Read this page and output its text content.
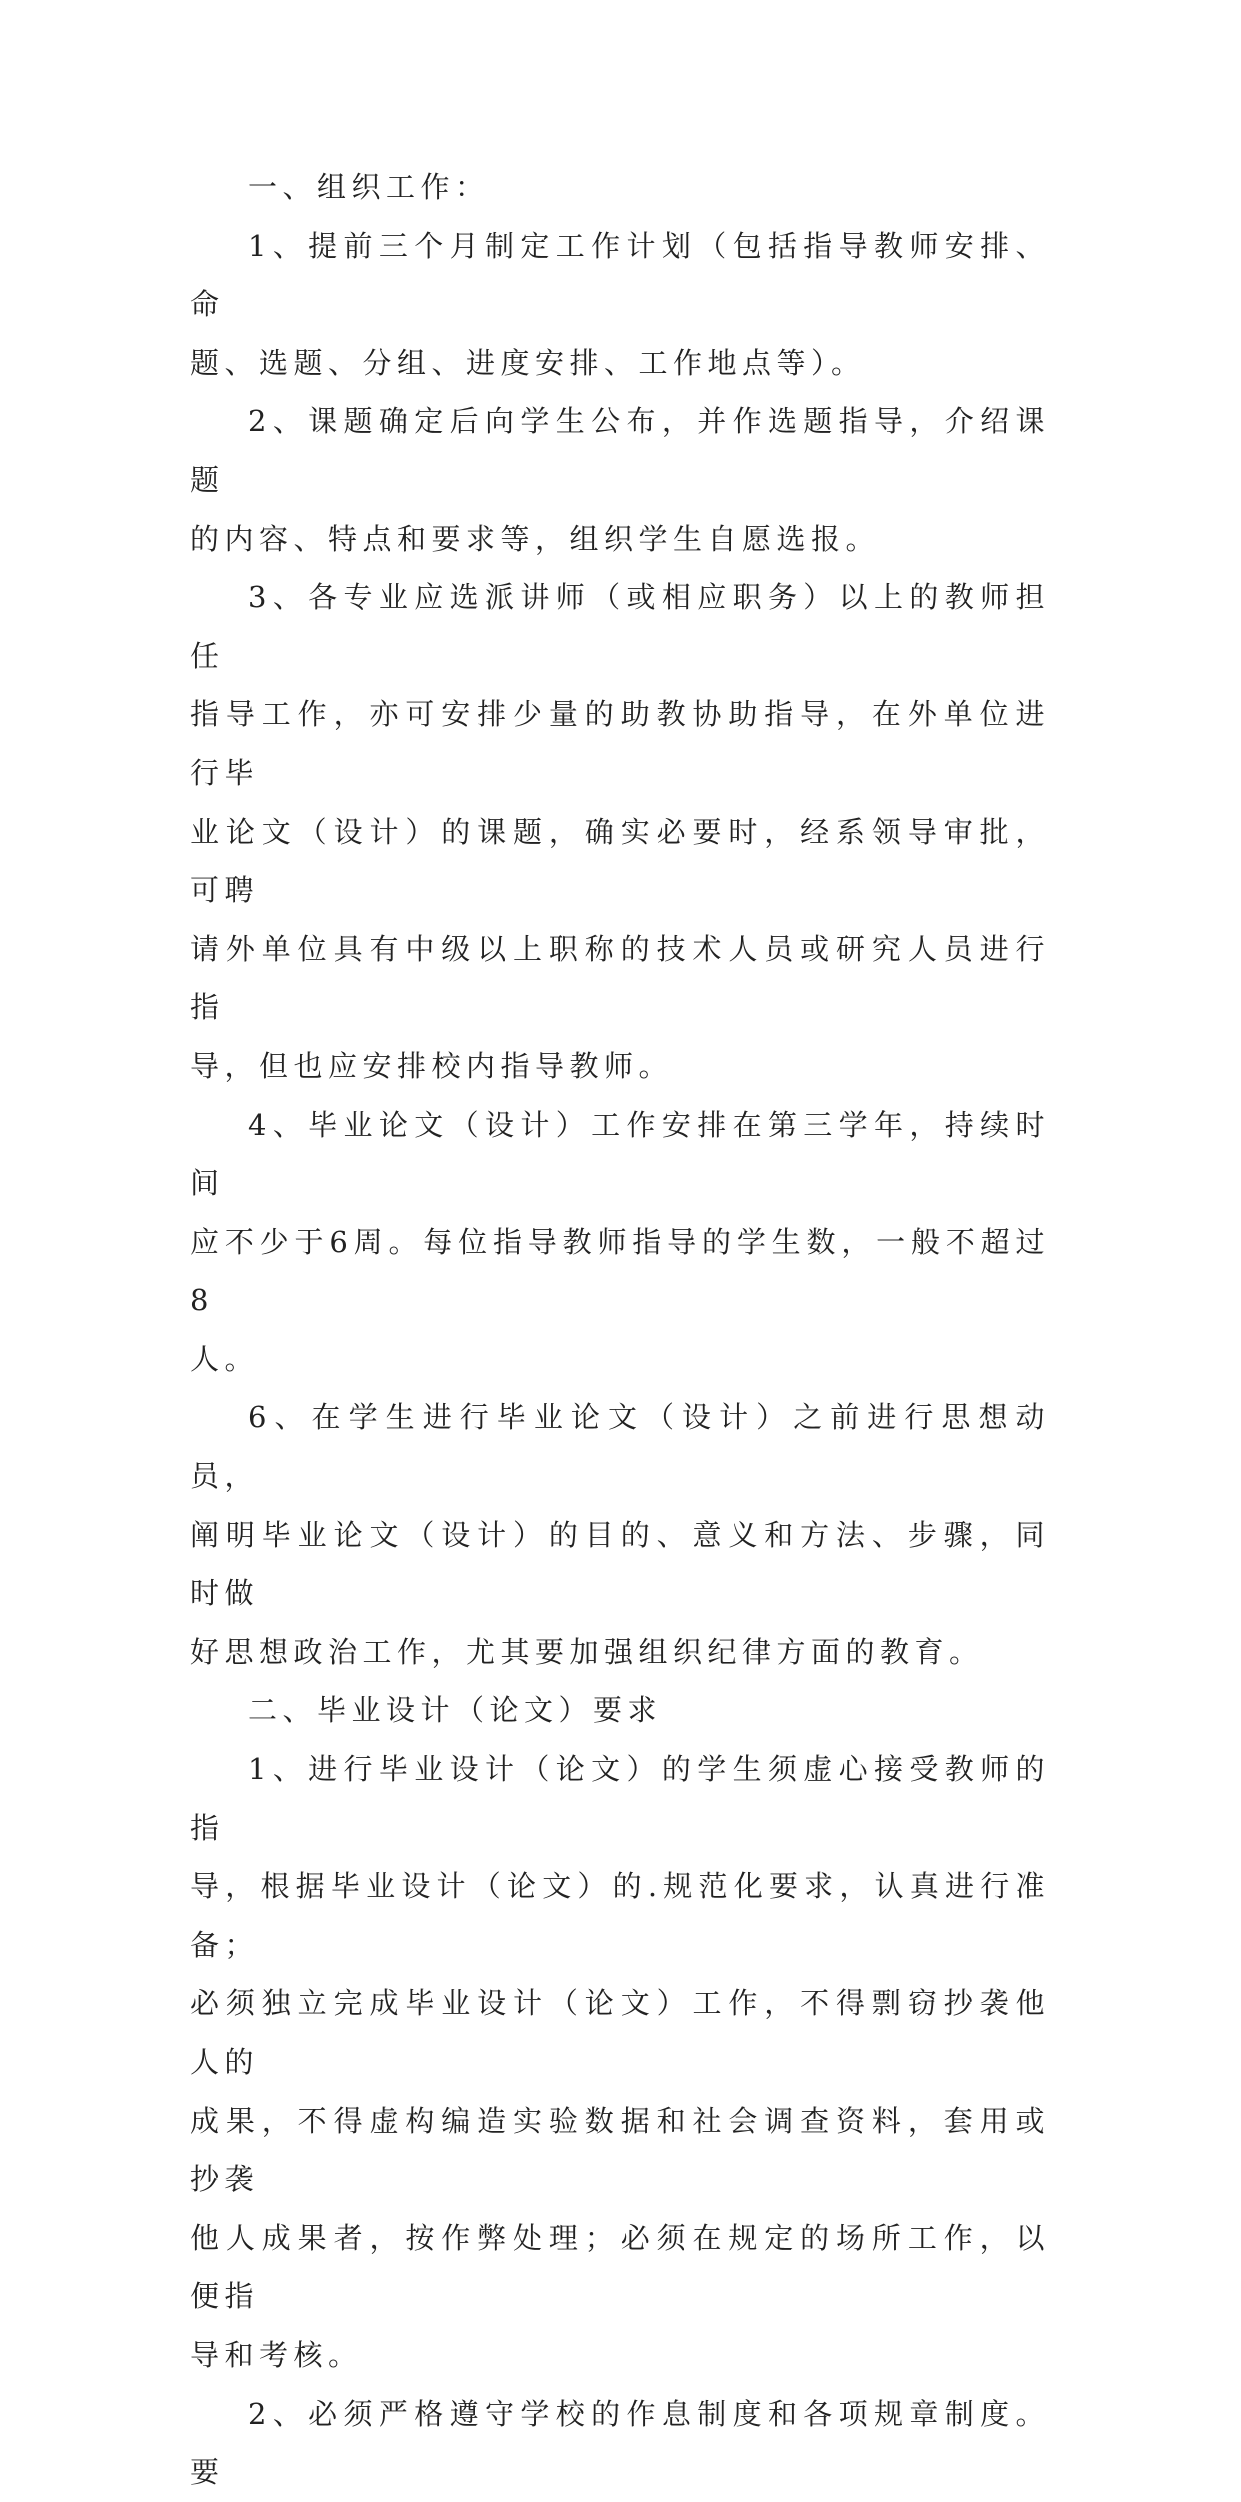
一、组织工作：

1、提前三个月制定工作计划（包括指导教师安排、命
题、选题、分组、进度安排、工作地点等）。

2、课题确定后向学生公布，并作选题指导，介绍课题
的内容、特点和要求等，组织学生自愿选报。

3、各专业应选派讲师（或相应职务）以上的教师担任
指导工作，亦可安排少量的助教协助指导，在外单位进行毕
业论文（设计）的课题，确实必要时，经系领导审批，可聘
请外单位具有中级以上职称的技术人员或研究人员进行指
导，但也应安排校内指导教师。

4、毕业论文（设计）工作安排在第三学年，持续时间
应不少于6周。每位指导教师指导的学生数，一般不超过8
人。

6、在学生进行毕业论文（设计）之前进行思想动员，
阐明毕业论文（设计）的目的、意义和方法、步骤，同时做
好思想政治工作，尤其要加强组织纪律方面的教育。

二、毕业设计（论文）要求

1、进行毕业设计（论文）的学生须虚心接受教师的指
导，根据毕业设计（论文）的.规范化要求，认真进行准备；
必须独立完成毕业设计（论文）工作，不得剽窃抄袭他人的
成果，不得虚构编造实验数据和社会调查资料，套用或抄袭
他人成果者，按作弊处理；必须在规定的场所工作，以便指
导和考核。

2、必须严格遵守学校的作息制度和各项规章制度。要
